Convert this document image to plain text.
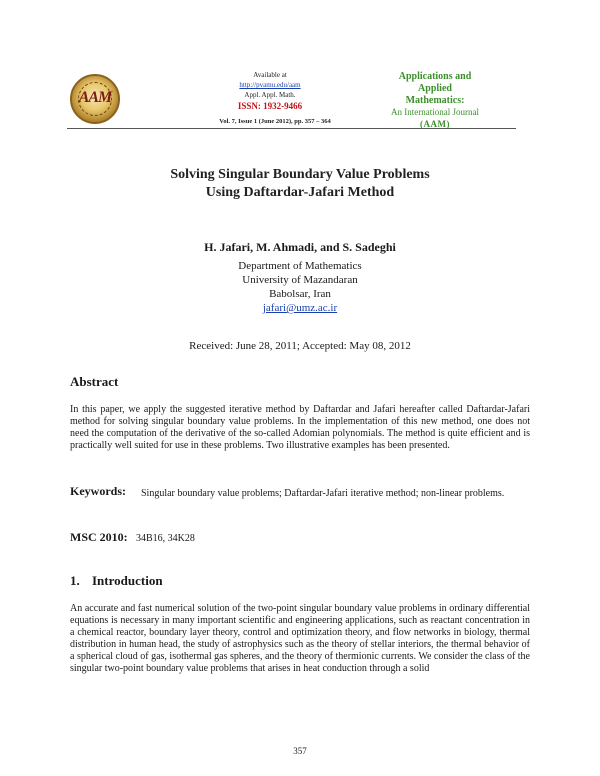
AAM
Available at
http://pvamu.edu/aam
Appl. Appl. Math.
ISSN: 1932-9466
Applications and Applied
Mathematics:
An International Journal
(AAM)
Vol. 7, Issue 1 (June 2012), pp. 357 – 364
Solving Singular Boundary Value Problems
Using Daftardar-Jafari Method
H. Jafari, M. Ahmadi, and S. Sadeghi
Department of Mathematics
University of Mazandaran
Babolsar, Iran
jafari@umz.ac.ir
Received: June 28, 2011; Accepted: May 08, 2012
Abstract
In this paper, we apply the suggested iterative method by Daftardar and Jafari hereafter called Daftardar-Jafari method for solving singular boundary value problems. In the implementation of this new method, one does not need the computation of the derivative of the so-called Adomian polynomials. The method is quite efficient and is practically well suited for use in these problems. Two illustrative examples has been presented.
Keywords: Singular boundary value problems; Daftardar-Jafari iterative method; non-linear problems.
MSC 2010: 34B16, 34K28
1. Introduction
An accurate and fast numerical solution of the two-point singular boundary value problems in ordinary differential equations is necessary in many important scientific and engineering applications, such as reactant concentration in a chemical reactor, boundary layer theory, control and optimization theory, and flow networks in biology, thermal distribution in human head, the study of astrophysics such as the theory of stellar interiors, the thermal behavior of a spherical cloud of gas, isothermal gas spheres, and the theory of thermionic currents. We consider the class of the singular two-point boundary value problems that arises in heat conduction through a solid
357
